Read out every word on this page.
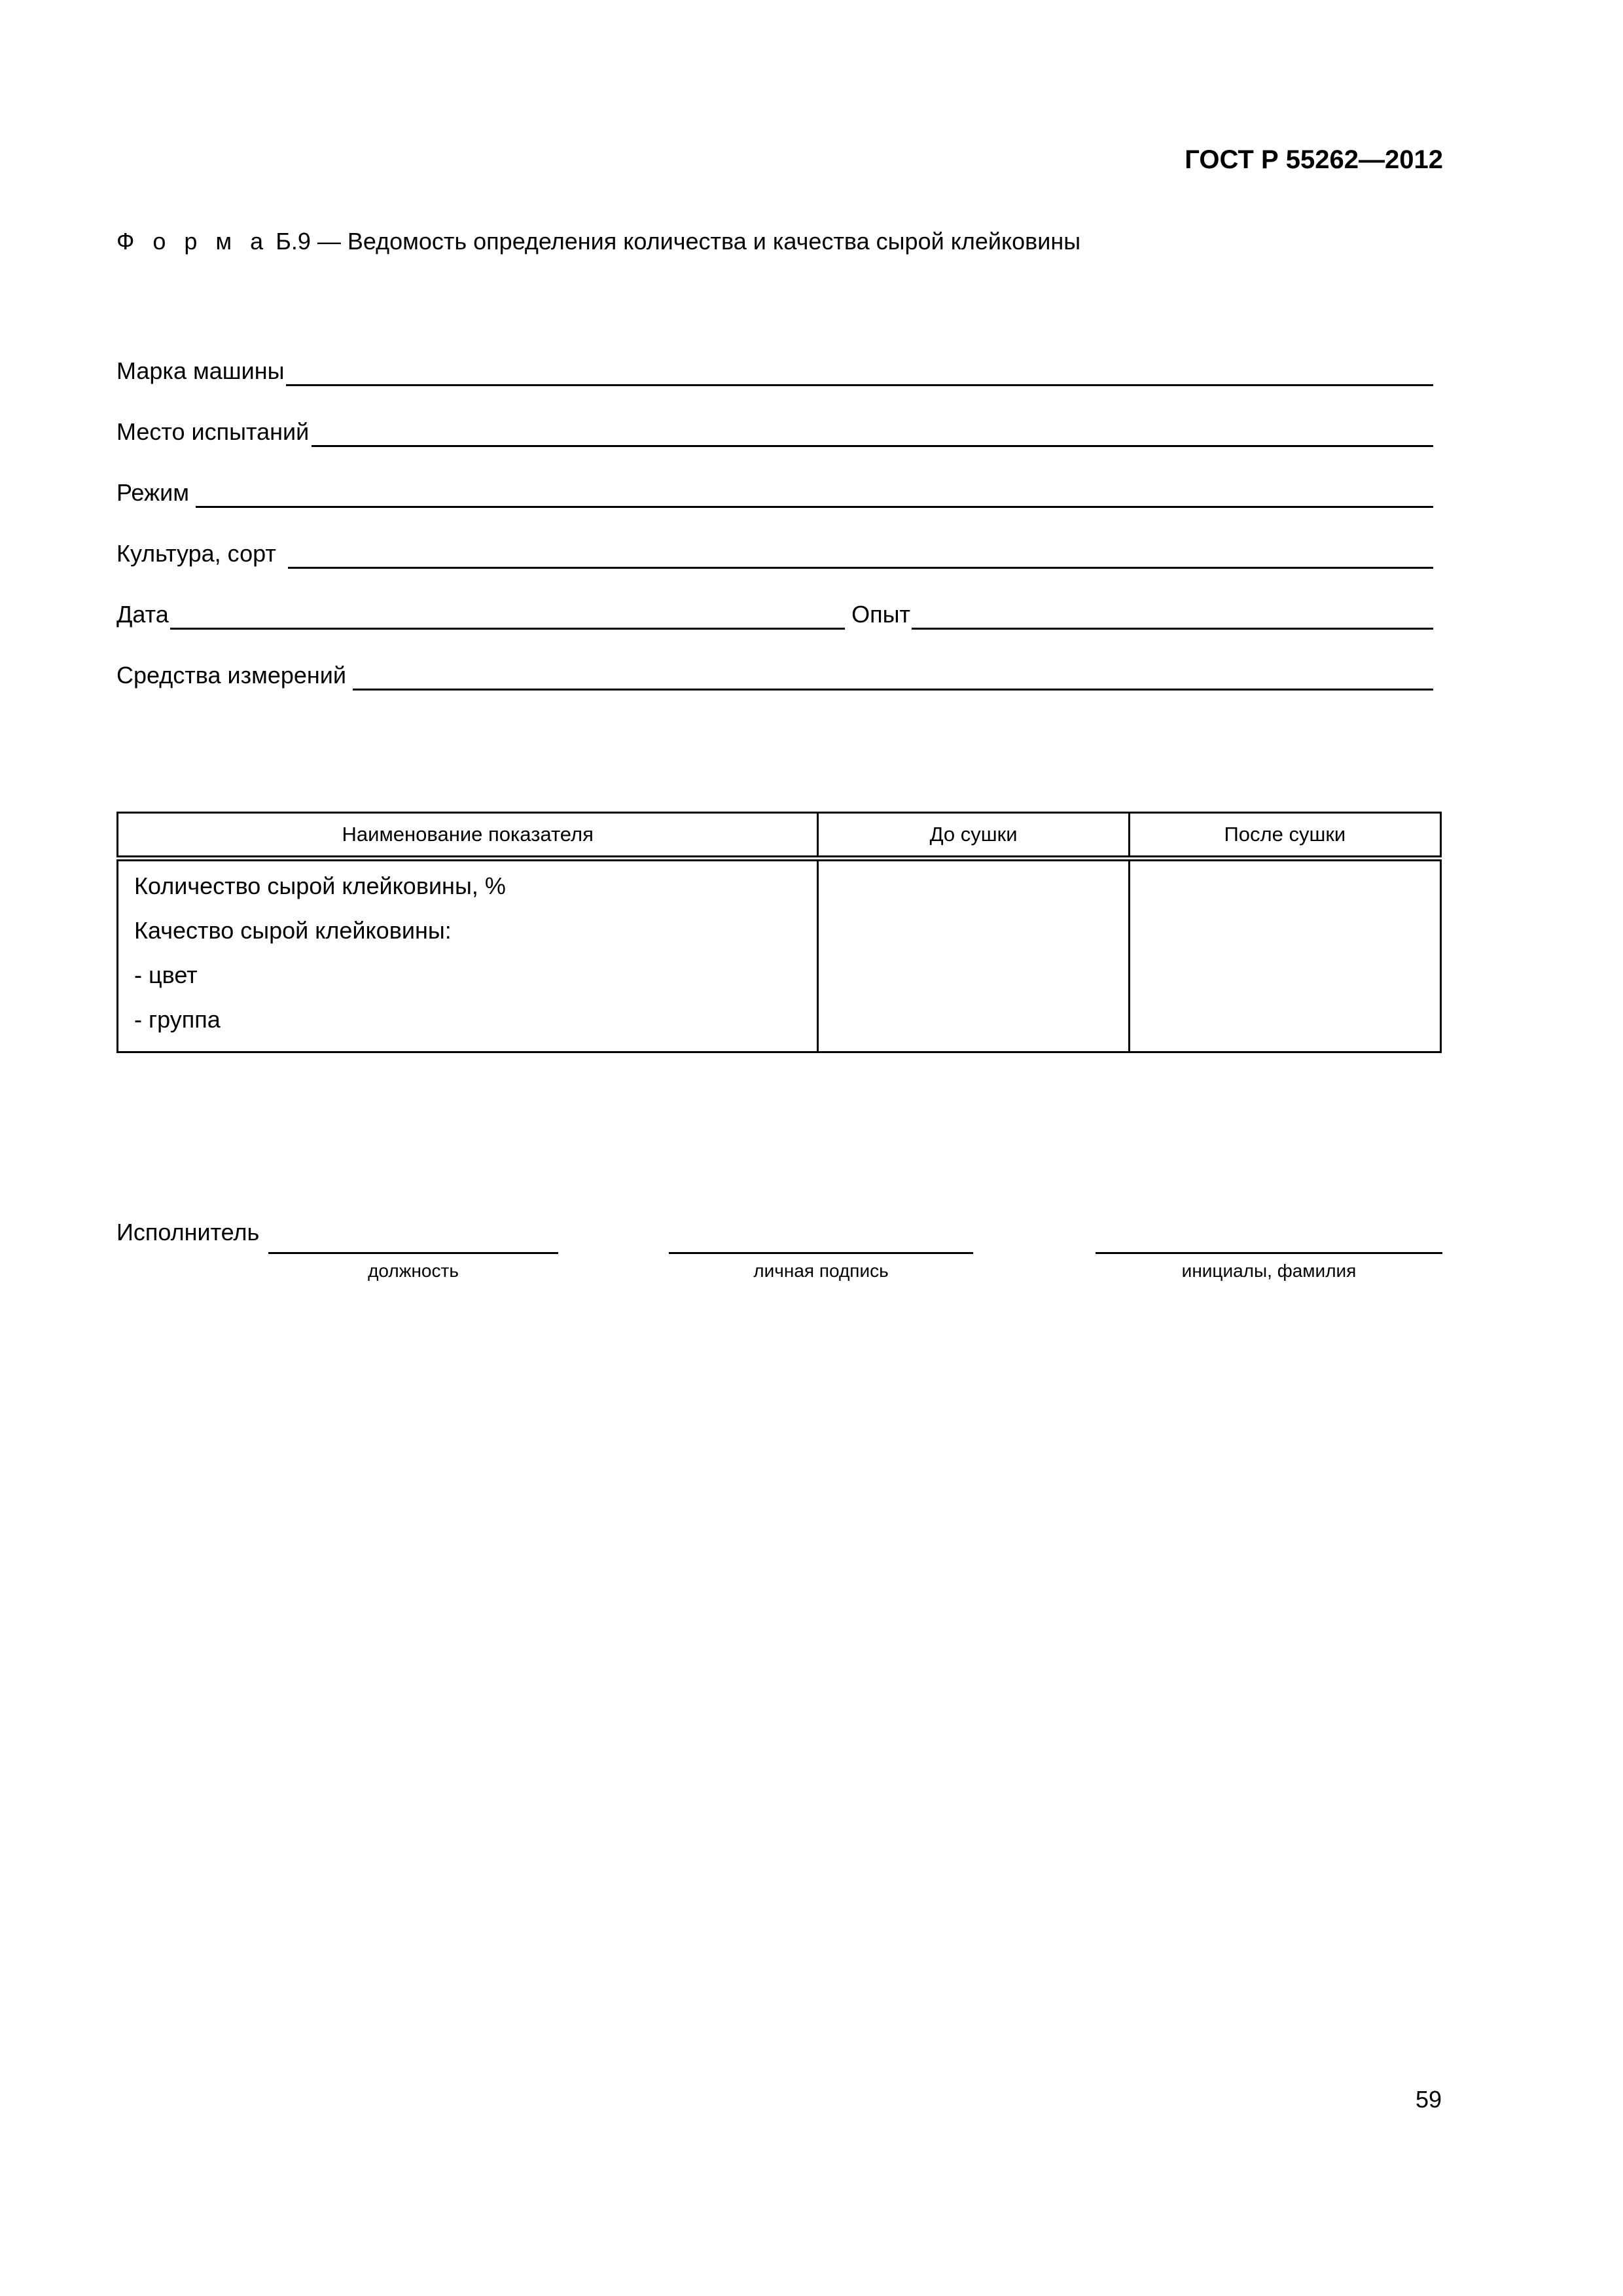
ГОСТ Р 55262—2012
Ф о р м а Б.9 — Ведомость определения количества и качества сырой клейковины
Марка машины
Место испытаний
Режим
Культура, сорт
Дата	Опыт
Средства измерений
Наименование показателя	До сушки	После сушки

Количество сырой клейковины, %
Качество сырой клейковины:
- цвет
- группа		

Исполнитель
должность	личная подпись	инициалы, фамилия
59
